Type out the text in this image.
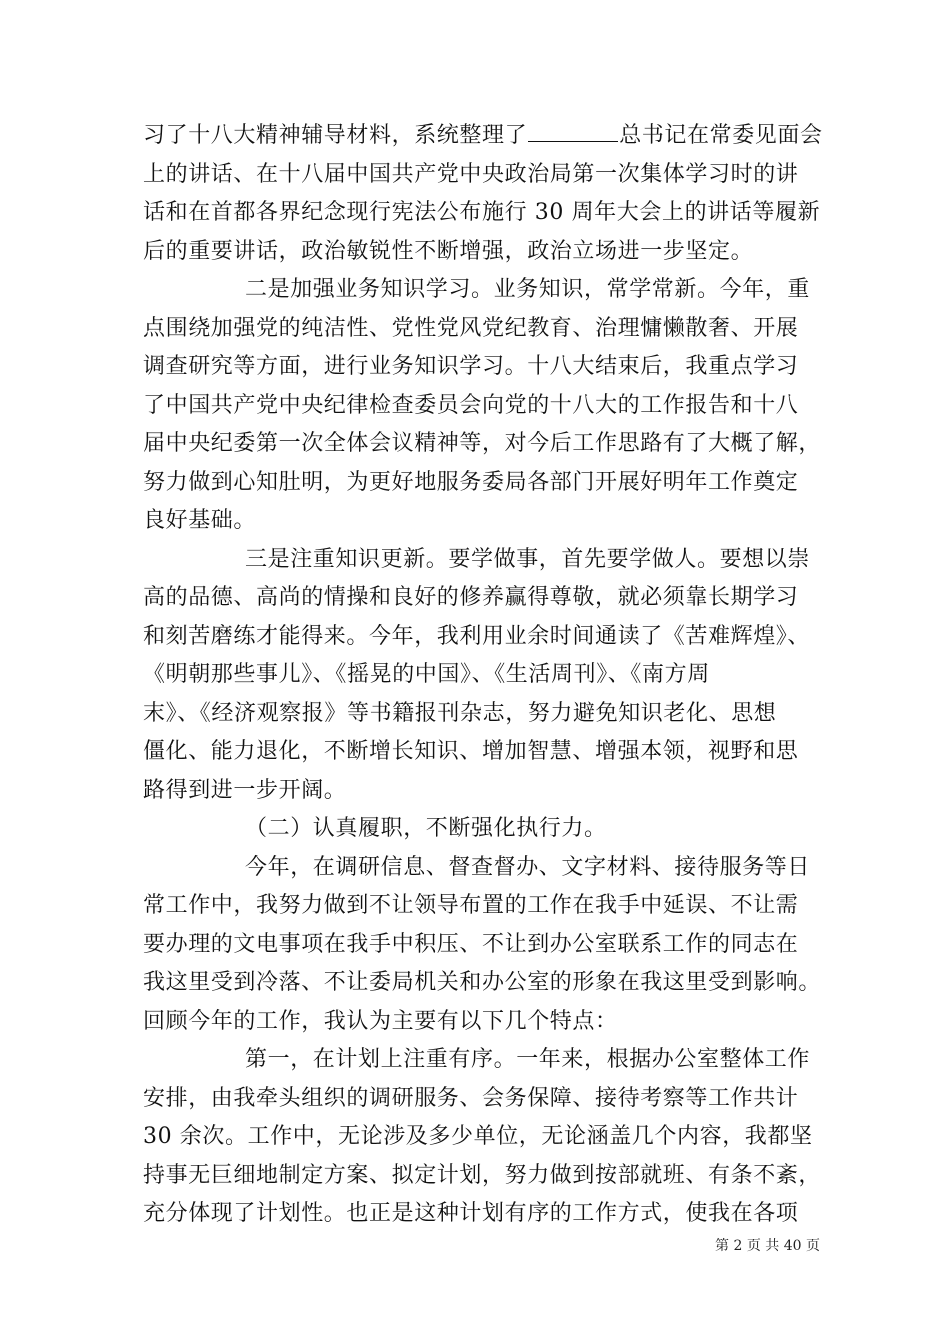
习了十八大精神辅导材料，系统整理了	总书记在常委见面会
上的讲话、在十八届中国共产党中央政治局第一次集体学习时的讲
话和在首都各界纪念现行宪法公布施行 30 周年大会上的讲话等履新
后的重要讲话，政治敏锐性不断增强，政治立场进一步坚定。
二是加强业务知识学习。业务知识，常学常新。今年，重
点围绕加强党的纯洁性、党性党风党纪教育、治理慵懒散奢、开展
调查研究等方面，进行业务知识学习。十八大结束后，我重点学习
了中国共产党中央纪律检查委员会向党的十八大的工作报告和十八
届中央纪委第一次全体会议精神等，对今后工作思路有了大概了解，
努力做到心知肚明，为更好地服务委局各部门开展好明年工作奠定
良好基础。
三是注重知识更新。要学做事，首先要学做人。要想以崇
高的品德、高尚的情操和良好的修养赢得尊敬，就必须靠长期学习
和刻苦磨练才能得来。今年，我利用业余时间通读了《苦难辉煌》、
《明朝那些事儿》、《摇晃的中国》、《生活周刊》、《南方周
末》、《经济观察报》等书籍报刊杂志，努力避免知识老化、思想
僵化、能力退化，不断增长知识、增加智慧、增强本领，视野和思
路得到进一步开阔。
（二）认真履职，不断强化执行力。
今年，在调研信息、督查督办、文字材料、接待服务等日
常工作中，我努力做到不让领导布置的工作在我手中延误、不让需
要办理的文电事项在我手中积压、不让到办公室联系工作的同志在
我这里受到冷落、不让委局机关和办公室的形象在我这里受到影响。
回顾今年的工作，我认为主要有以下几个特点：
第一，在计划上注重有序。一年来，根据办公室整体工作
安排，由我牵头组织的调研服务、会务保障、接待考察等工作共计
30 余次。工作中，无论涉及多少单位，无论涵盖几个内容，我都坚
持事无巨细地制定方案、拟定计划，努力做到按部就班、有条不紊，
充分体现了计划性。也正是这种计划有序的工作方式，使我在各项
第 2 页 共 40 页
